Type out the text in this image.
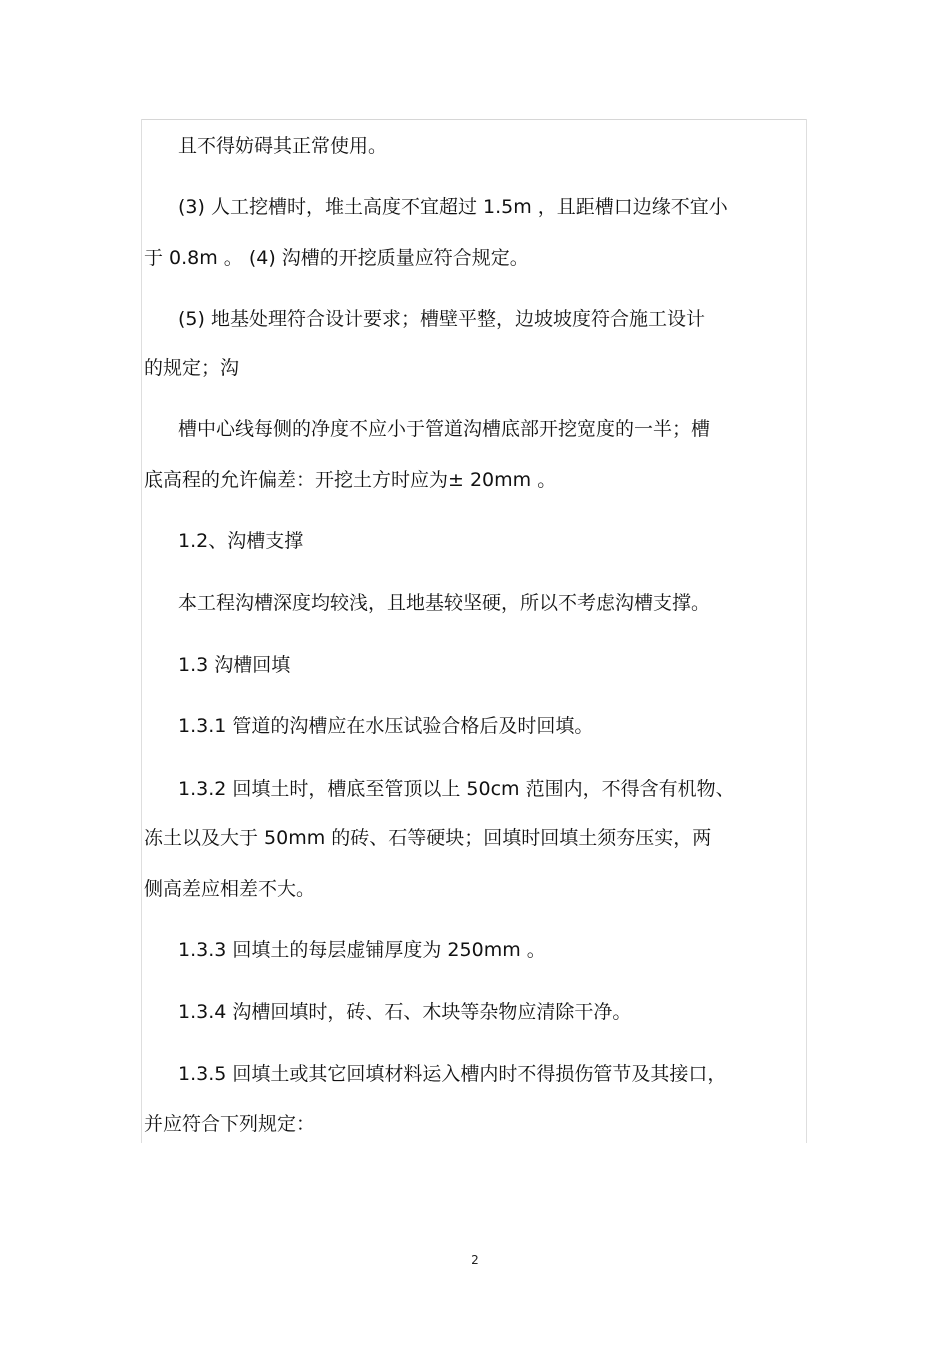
且不得妨碍其正常使用。
(3) 人工挖槽时，堆土高度不宜超过 1.5m ，且距槽口边缘不宜小
于 0.8m 。 (4) 沟槽的开挖质量应符合规定。
(5) 地基处理符合设计要求；槽壁平整，边坡坡度符合施工设计
的规定；沟
槽中心线每侧的净度不应小于管道沟槽底部开挖宽度的一半；槽
底高程的允许偏差：开挖土方时应为± 20mm 。
1.2、沟槽支撑
本工程沟槽深度均较浅，且地基较坚硬，所以不考虑沟槽支撑。
1.3 沟槽回填
1.3.1 管道的沟槽应在水压试验合格后及时回填。
1.3.2 回填土时，槽底至管顶以上 50cm 范围内，不得含有机物、
冻土以及大于 50mm 的砖、石等硬块；回填时回填土须夯压实，两
侧高差应相差不大。
1.3.3 回填土的每层虚铺厚度为 250mm 。
1.3.4 沟槽回填时，砖、石、木块等杂物应清除干净。
1.3.5 回填土或其它回填材料运入槽内时不得损伤管节及其接口，
并应符合下列规定：
2
